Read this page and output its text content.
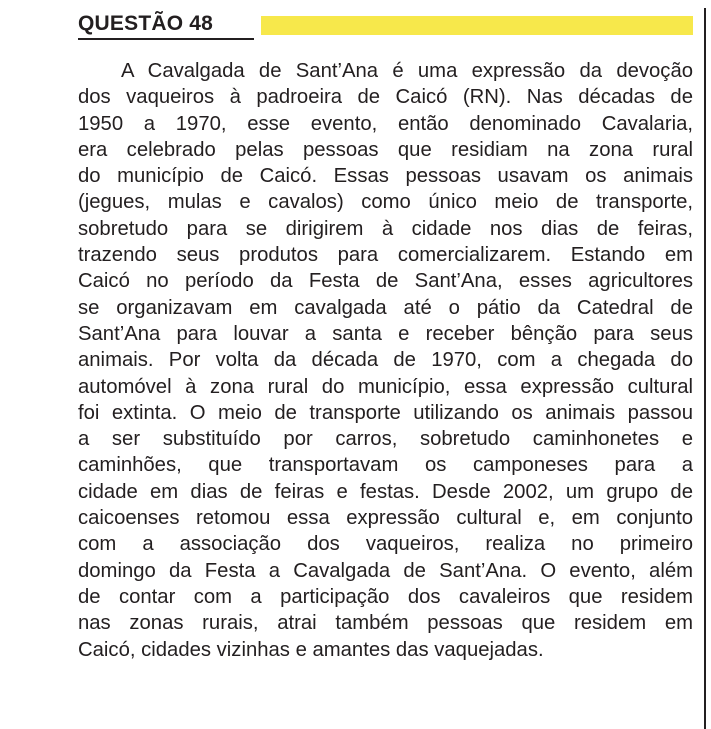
QUESTÃO 48
A Cavalgada de Sant’Ana é uma expressão da devoção
dos vaqueiros à padroeira de Caicó (RN). Nas décadas de
1950 a 1970, esse evento, então denominado Cavalaria,
era celebrado pelas pessoas que residiam na zona rural
do município de Caicó. Essas pessoas usavam os animais
(jegues, mulas e cavalos) como único meio de transporte,
sobretudo para se dirigirem à cidade nos dias de feiras,
trazendo seus produtos para comercializarem. Estando em
Caicó no período da Festa de Sant’Ana, esses agricultores
se organizavam em cavalgada até o pátio da Catedral de
Sant’Ana para louvar a santa e receber bênção para seus
animais. Por volta da década de 1970, com a chegada do
automóvel à zona rural do município, essa expressão cultural
foi extinta. O meio de transporte utilizando os animais passou
a ser substituído por carros, sobretudo caminhonetes e
caminhões, que transportavam os camponeses para a
cidade em dias de feiras e festas. Desde 2002, um grupo de
caicoenses retomou essa expressão cultural e, em conjunto
com a associação dos vaqueiros, realiza no primeiro
domingo da Festa a Cavalgada de Sant’Ana. O evento, além
de contar com a participação dos cavaleiros que residem
nas zonas rurais, atrai também pessoas que residem em
Caicó, cidades vizinhas e amantes das vaquejadas.
